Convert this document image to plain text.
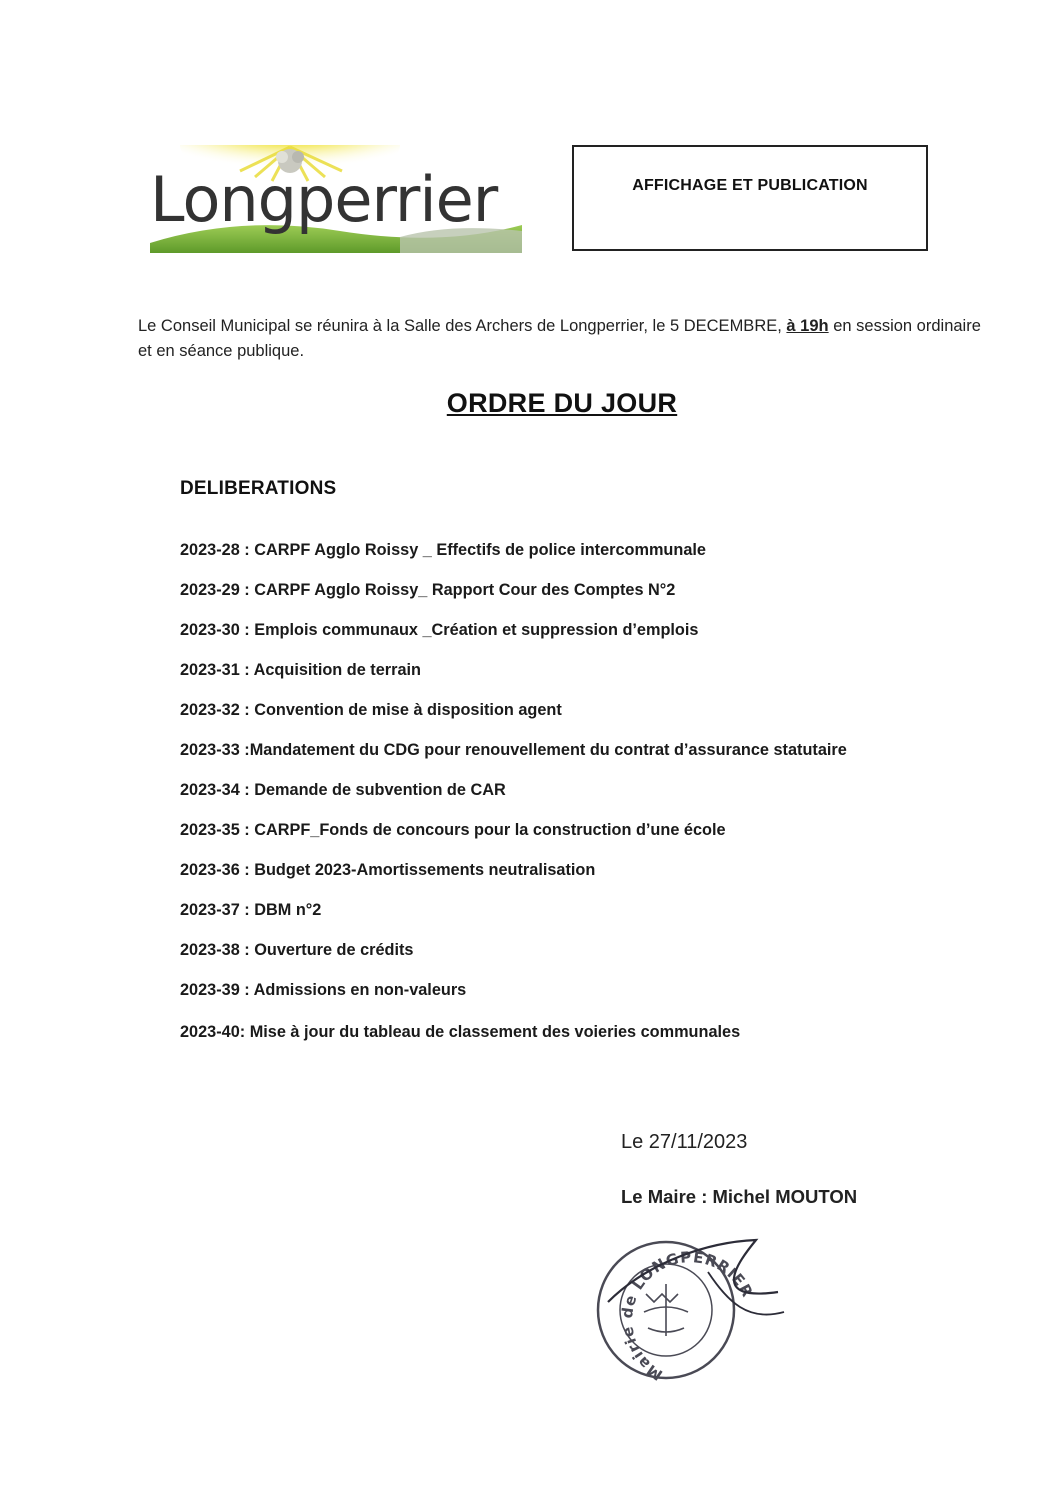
Longperrier	AFFICHAGE ET PUBLICATION
Le Conseil Municipal se réunira à la Salle des Archers de Longperrier, le 5 DECEMBRE, à 19h en session ordinaire et en séance publique.
ORDRE DU JOUR
DELIBERATIONS
2023-28 : CARPF Agglo Roissy _ Effectifs de police intercommunale
2023-29 : CARPF Agglo Roissy_ Rapport Cour des Comptes N°2
2023-30 : Emplois communaux _Création et suppression d’emplois
2023-31 : Acquisition de terrain
2023-32 : Convention de mise à disposition agent
2023-33 :Mandatement du CDG pour renouvellement du contrat d’assurance statutaire
2023-34 : Demande de subvention de CAR
2023-35 : CARPF_Fonds de concours pour la construction d’une école
2023-36 : Budget 2023-Amortissements neutralisation
2023-37 : DBM n°2
2023-38 : Ouverture de crédits
2023-39 : Admissions en non-valeurs
2023-40: Mise à jour du tableau de classement des voieries communales
Le 27/11/2023
Le Maire : Michel MOUTON
Mairie de LONGPERRIER
